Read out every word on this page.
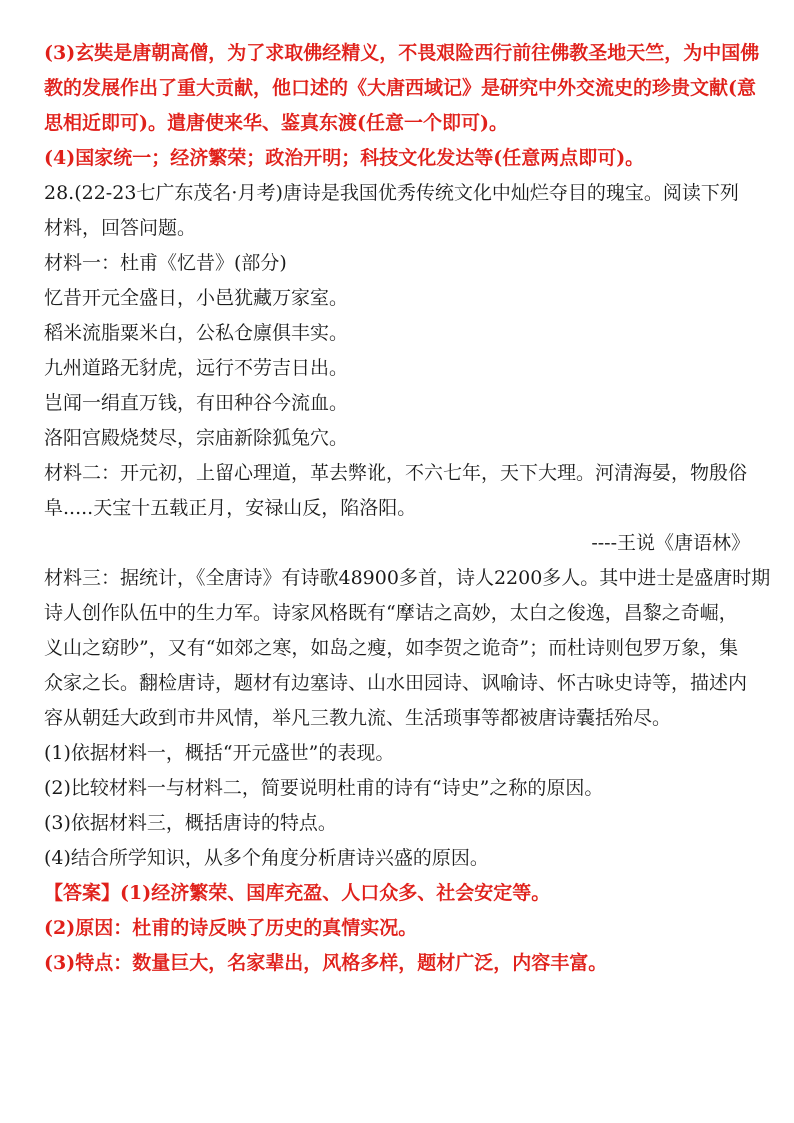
(3)玄奘是唐朝高僧，为了求取佛经精义，不畏艰险西行前往佛教圣地天竺，为中国佛

教的发展作出了重大贡献，他口述的《大唐西域记》是研究中外交流史的珍贵文献(意

思相近即可)。遣唐使来华、鉴真东渡(任意一个即可)。

(4)国家统一；经济繁荣；政治开明；科技文化发达等(任意两点即可)。

28.(22-23七广东茂名·月考)唐诗是我国优秀传统文化中灿烂夺目的瑰宝。阅读下列

材料，回答问题。

材料一：杜甫《忆昔》(部分)

忆昔开元全盛日，小邑犹藏万家室。

稻米流脂粟米白，公私仓廪俱丰实。

九州道路无豺虎，远行不劳吉日出。

岂闻一绢直万钱，有田种谷今流血。

洛阳宫殿烧焚尽，宗庙新除狐兔穴。

材料二：开元初，上留心理道，革去弊讹，不六七年，天下大理。河清海晏，物殷俗

阜.....天宝十五载正月，安禄山反，陷洛阳。

----王说《唐语林》

材料三：据统计，《全唐诗》有诗歌48900多首，诗人2200多人。其中进士是盛唐时期

诗人创作队伍中的生力军。诗家风格既有“摩诘之高妙，太白之俊逸，昌黎之奇崛，

义山之窈眇”，又有“如郊之寒，如岛之瘦，如李贺之诡奇”；而杜诗则包罗万象，集

众家之长。翻检唐诗，题材有边塞诗、山水田园诗、讽喻诗、怀古咏史诗等，描述内

容从朝廷大政到市井风情，举凡三教九流、生活琐事等都被唐诗囊括殆尽。

(1)依据材料一，概括“开元盛世”的表现。

(2)比较材料一与材料二，简要说明杜甫的诗有“诗史”之称的原因。

(3)依据材料三，概括唐诗的特点。

(4)结合所学知识，从多个角度分析唐诗兴盛的原因。

【答案】(1)经济繁荣、国库充盈、人口众多、社会安定等。

(2)原因：杜甫的诗反映了历史的真情实况。

(3)特点：数量巨大，名家辈出，风格多样，题材广泛，内容丰富。
